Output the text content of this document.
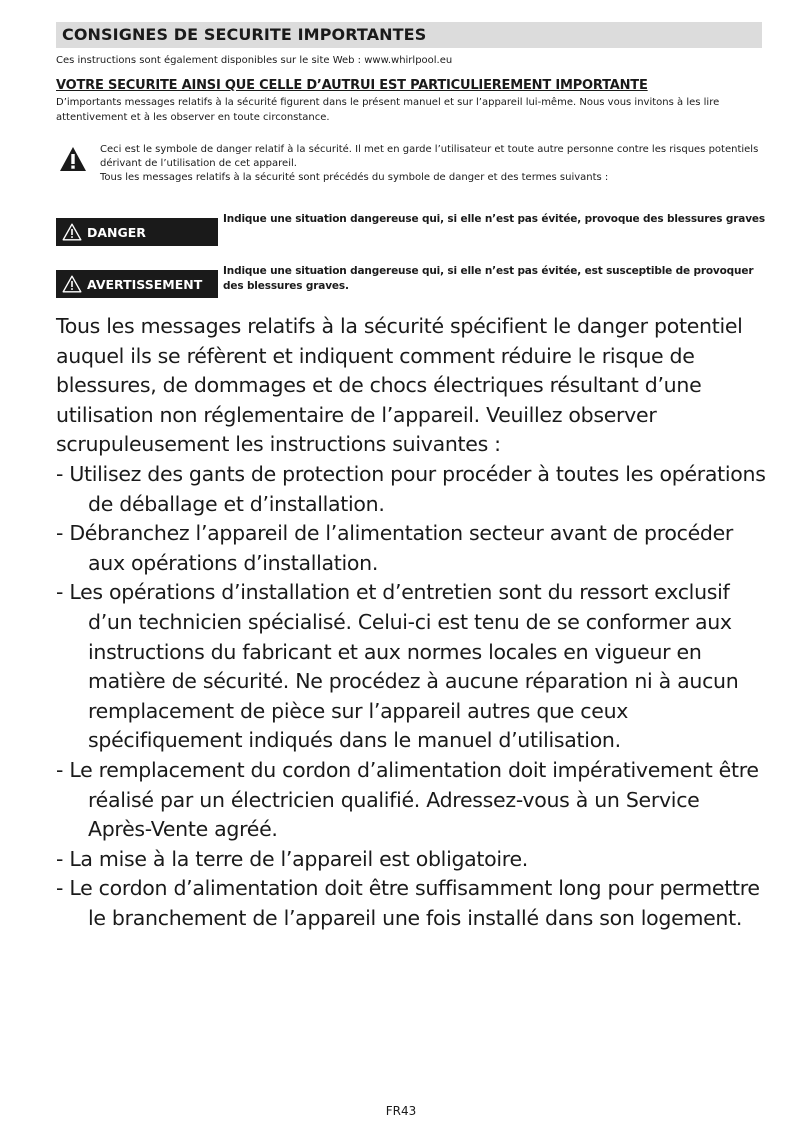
CONSIGNES DE SECURITE IMPORTANTES
Ces instructions sont également disponibles sur le site Web : www.whirlpool.eu
VOTRE SECURITE AINSI QUE CELLE D’AUTRUI EST PARTICULIEREMENT IMPORTANTE
D’importants messages relatifs à la sécurité figurent dans le présent manuel et sur l’appareil lui-même. Nous vous invitons à les lire attentivement et à les observer en toute circonstance.
Ceci est le symbole de danger relatif à la sécurité. Il met en garde l’utilisateur et toute autre personne contre les risques potentiels dérivant de l’utilisation de cet appareil.
Tous les messages relatifs à la sécurité sont précédés du symbole de danger et des termes suivants :
DANGER
Indique une situation dangereuse qui, si elle n’est pas évitée, provoque des blessures graves
AVERTISSEMENT
Indique une situation dangereuse qui, si elle n’est pas évitée, est susceptible de provoquer des blessures graves.

Tous les messages relatifs à la sécurité spécifient le danger potentiel auquel ils se réfèrent et indiquent comment réduire le risque de blessures, de dommages et de chocs électriques résultant d’une utilisation non réglementaire de l’appareil. Veuillez observer scrupuleusement les instructions suivantes :

- Utilisez des gants de protection pour procéder à toutes les opérations de déballage et d’installation.
- Débranchez l’appareil de l’alimentation secteur avant de procéder aux opérations d’installation.
- Les opérations d’installation et d’entretien sont du ressort exclusif d’un technicien spécialisé. Celui-ci est tenu de se conformer aux instructions du fabricant et aux normes locales en vigueur en matière de sécurité. Ne procédez à aucune réparation ni à aucun remplacement de pièce sur l’appareil autres que ceux spécifiquement indiqués dans le manuel d’utilisation.
- Le remplacement du cordon d’alimentation doit impérativement être réalisé par un électricien qualifié. Adressez-vous à un Service Après-Vente agréé.
- La mise à la terre de l’appareil est obligatoire.
- Le cordon d’alimentation doit être suffisamment long pour permettre le branchement de l’appareil une fois installé dans son logement.
FR43
